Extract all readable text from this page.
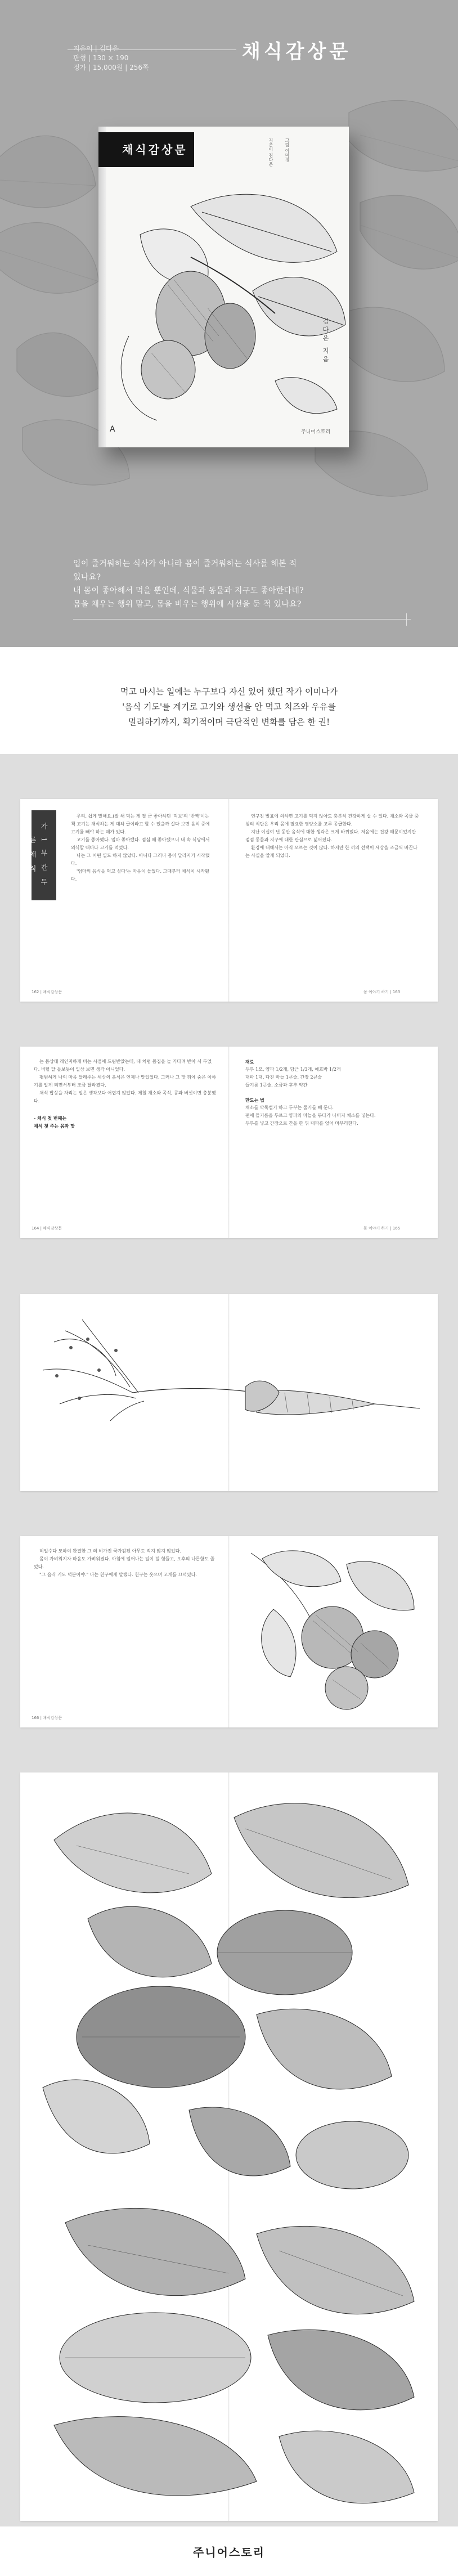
지은이 | 김다은
판형 | 130 × 190
정가 | 15,000원 | 256쪽
채식감상문
채식감상문	지은이 김다은	그림 이미정
김다은 지음
A	주니어스토리
입이 즐거워하는 식사가 아니라 몸이 즐거워하는 식사를 해본 적
있나요?
내 몸이 좋아해서 먹을 뿐인데, 식물과 동물과 지구도 좋아한다네?
몸을 채우는 행위 말고, 몸을 비우는 행위에 시선을 둔 적 있나요?
먹고 마시는 일에는 누구보다 자신 있어 했던 작가 이미나가
'음식 기도'를 계기로 고기와 생선을 안 먹고 치즈와 우유를
멀리하기까지, 획기적이며 극단적인 변화를 담은 한 권!
가 1 부 간 두 른 채 식

우리, 쉽게 말해요.(잘 해 먹는 게 잘 군 좋아하던 '먹보'의 '반짝'이는 책 고기는 채식하는 게 대하 글이라고 할 수 있을까 살다 보면 음식 중에 고기를 빼야 하는 때가 있다.

고기를 좋아했다. 엄마 좋아했다. 점심 때 좋아했으니 내 속 식당에서 외식할 때마다 고기를 먹었다.

나는 그 어떤 일도 하지 않았다. 아니다 그러나 몸이 달라지기 시작했다.

'엄마의 음식을 먹고 싶다'는 마음이 들었다. 그때부터 채식이 시작됐다.

연구진 발표에 의하면 고기를 먹지 않아도 충분히 건강하게 살 수 있다. 채소와 곡물 중심의 식단은 우리 몸에 필요한 영양소를 고루 공급한다.

지난 이십여 년 동안 음식에 대한 생각은 크게 바뀌었다. 처음에는 건강 때문이었지만 점점 동물과 지구에 대한 관심으로 넓어졌다.

환경에 대해서는 아직 모르는 것이 많다. 하지만 한 끼의 선택이 세상을 조금씩 바꾼다는 사실을 알게 되었다.

162 | 채식감상문	몸 이야기 하기 | 163

는 몸상태 레인지하게 버는 시점에 드림받았는데, 내 처럼 몸집을 늘 기다려 받아 서 두었다. 버틸 달 돌보듯이 일상 보면 생각 아니었다.

평범하게 나의 마음 달래주는 세상의 음식은 언제나 맛있었다. 그러나 그 맛 뒤에 숨은 이야기를 알게 되면서부터 조금 달라졌다.

채식 밥상을 차리는 일은 생각보다 어렵지 않았다. 제철 채소와 곡식, 콩과 버섯이면 충분했다.

- 채식 첫 번째는
채식 첫 주는 몸과 맛
재료
두부 1모, 양파 1/2개, 당근 1/3개, 애호박 1/2개
대파 1대, 다진 마늘 1큰술, 간장 2큰술
들기름 1큰술, 소금과 후추 약간
만드는 법
채소를 깍둑썰기 하고 두부는 물기를 빼 둔다.
팬에 들기름을 두르고 양파와 마늘을 볶다가 나머지 채소를 넣는다.
두부를 넣고 간장으로 간을 한 뒤 대파를 얹어 마무리한다.
164 | 채식감상문	몸 이야기 하기 | 165

허일수다 모하여 완결한 그 의 비가진 국가감된 아무도 적지 않지 않았다.

몸이 가벼워지자 마음도 가벼워졌다. 아침에 일어나는 일이 덜 힘들고, 오후의 나른함도 줄었다.

"그 음식 기도 덕분이야." 나는 친구에게 말했다. 친구는 웃으며 고개를 끄덕였다.

166 | 채식감상문
주니어스토리
